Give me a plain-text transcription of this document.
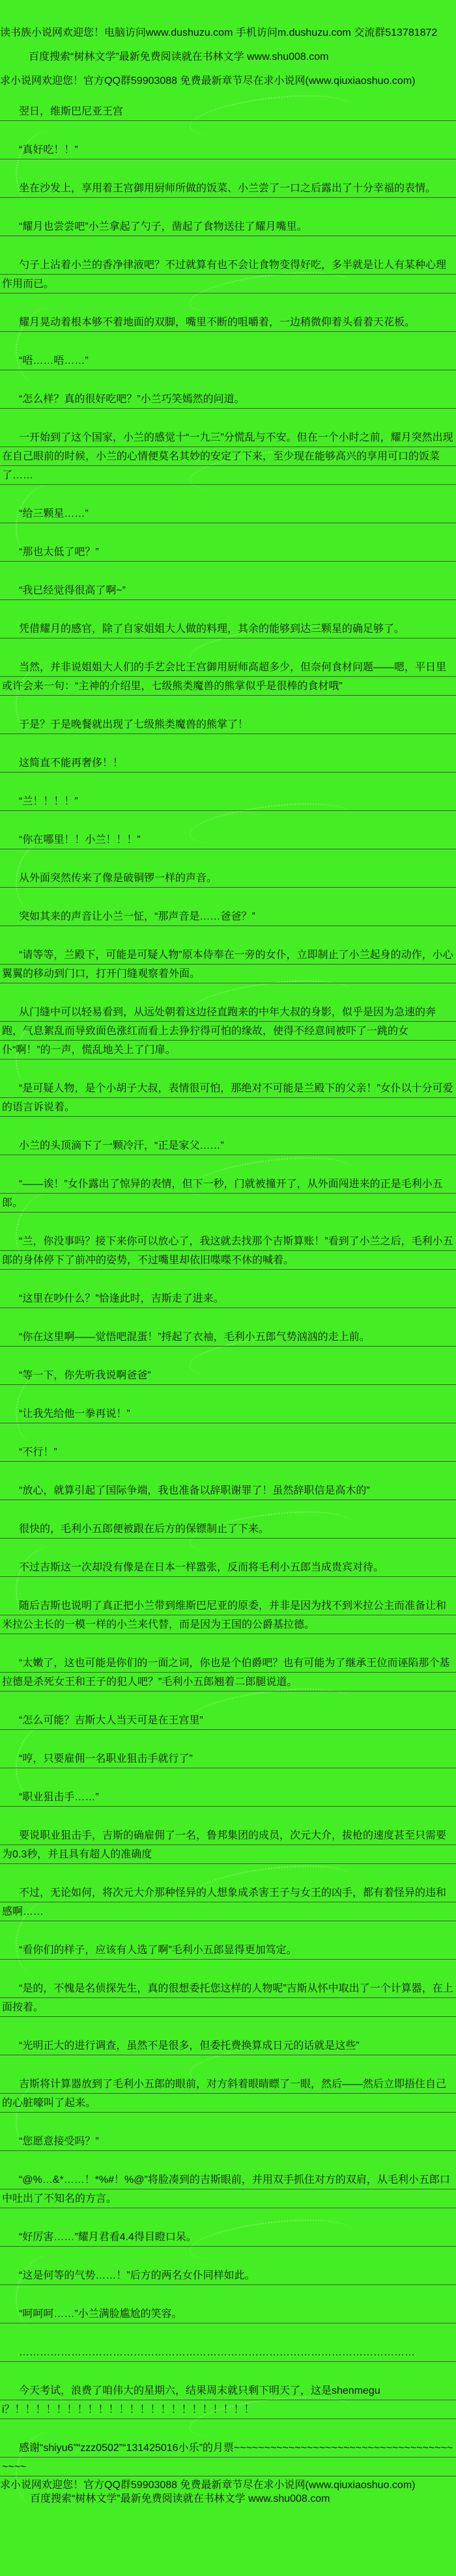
读书族小说网欢迎您！电脑访问www.dushuzu.com 手机访问m.dushuzu.com 交流群513781872

百度搜索“树林文学”最新免费阅读就在书林文学 www.shu008.com

求小说网欢迎您！官方QQ群59903088 免费最新章节尽在求小说网(www.qiuxiaoshuo.com)

翌日，维斯巴尼亚王宫

“真好吃！！”

坐在沙发上，享用着王宫御用厨师所做的饭菜、小兰尝了一口之后露出了十分幸福的表情。

“耀月也尝尝吧”小兰拿起了勺子，凿起了食物送往了耀月嘴里。

勺子上沾着小兰的香净律液吧？不过就算有也不会让食物变得好吃，多半就是让人有某种心理作用而已。

耀月晃动着根本够不着地面的双脚，嘴里不断的咀嚼着，一边稍微仰着头看着天花板。

“唔……唔……”

“怎么样？真的很好吃吧？”小兰巧笑嫣然的问道。

一开始到了这个国家，小兰的感觉十“一九三”分慌乱与不安。但在一个小时之前，耀月突然出现在自己眼前的时候，小兰的心情便莫名其妙的安定了下来，至少现在能够高兴的享用可口的饭菜了……

“给三颗星……”

“那也太低了吧？”

“我已经觉得很高了啊~”

凭借耀月的感官，除了自家姐姐大人做的料理，其余的能够到达三颗星的确足够了。

当然，并非说姐姐大人们的手艺会比王宫御用厨师高超多少，但奈何食材问题——嗯，平日里或许会来一句：“主神的介绍里，七级熊类魔兽的熊掌似乎是很棒的食材哦”

于是？于是晚餐就出现了七级熊类魔兽的熊掌了！

这简直不能再奢侈！！

“兰！！！！”

“你在哪里！！小兰！！！”

从外面突然传来了像是破铜锣一样的声音。

突如其来的声音让小兰一怔，“那声音是……爸爸？”

“请等等，兰殿下，可能是可疑人物”原本侍奉在一旁的女仆，立即制止了小兰起身的动作，小心翼翼的移动到门口，打开门缝观察着外面。

从门缝中可以轻易看到，从远处朝着这边径直跑来的中年大叔的身影，似乎是因为急速的奔跑，气息絮乱而导致面色涨红而看上去狰狞得可怕的缘故，使得不经意间被吓了一跳的女仆“啊！”的一声，慌乱地关上了门扉。

“是可疑人物，是个小胡子大叔，表情很可怕，那绝对不可能是兰殿下的父亲！”女仆以十分可爱的语言诉说着。

小兰的头顶滴下了一颗冷汗，“正是家父……”

“——诶！”女仆露出了惊异的表情，但下一秒，门就被撞开了，从外面闯进来的正是毛利小五郎。

“兰，你没事吗？接下来你可以放心了，我这就去找那个吉斯算账！”看到了小兰之后，毛利小五郎的身体停下了前冲的姿势，不过嘴里却依旧喋喋不休的喊着。

“这里在吵什么？”恰逢此时，吉斯走了进来。

“你在这里啊——觉悟吧混蛋！”捋起了衣袖，毛利小五郎气势汹汹的走上前。

“等一下，你先听我说啊爸爸”

“让我先给他一拳再说！”

“不行！”

“放心，就算引起了国际争端，我也准备以辞职谢罪了！虽然辞职信是高木的”

很快的，毛利小五郎便被跟在后方的保镖制止了下来。

不过吉斯这一次却没有像是在日本一样嚣张，反而将毛利小五郎当成贵宾对待。

随后吉斯也说明了真正把小兰带到维斯巴尼亚的原委，并非是因为找不到米拉公主而准备让和米拉公主长的一模一样的小兰来代替，而是因为王国的公爵基拉德。

“太嫩了，这也可能是你们的一面之词，你也是个伯爵吧？也有可能为了继承王位而诬陷那个基拉德是杀死女王和王子的犯人吧？”毛利小五郎翘着二郎腿说道。

“怎么可能？吉斯大人当天可是在王宫里”

“哼，只要雇佣一名职业狙击手就行了”

“职业狙击手……”

要说职业狙击手，吉斯的确雇佣了一名，鲁邦集团的成员，次元大介，拔枪的速度甚至只需要为0.3秒，并且具有超人的准确度

不过，无论如何，将次元大介那种怪异的人想象成杀害王子与女王的凶手，都有着怪异的违和感啊……

“看你们的样子，应该有人选了啊”毛利小五郎显得更加笃定。

“是的，不愧是名侦探先生，真的很想委托您这样的人物呢”吉斯从怀中取出了一个计算器，在上面按着。

“光明正大的进行调查，虽然不是很多，但委托费换算成日元的话就是这些”

吉斯将计算器放到了毛利小五郎的眼前，对方斜着眼睛瞟了一眼，然后——然后立即捂住自己的心脏嚎叫了起来。

“您愿意接受吗？”

“@%…&*……！*%#！%@”将脸凑到的吉斯眼前，并用双手抓住对方的双肩，从毛利小五郎口中吐出了不知名的方言。

“好厉害……”耀月君看4.4得目瞪口呆。

“这是何等的气势……！”后方的两名女仆同样如此。

“呵呵呵……”小兰满脸尴尬的笑容。

……………………………………………………………………………………………………

今天考试，浪费了咱伟大的星期六，结果周末就只剩下明天了，这是shenmegui？！！！！！！！！！！！！！！！！！！！！！！！

感谢“shiyu6”“zzz0502”“131425016小乐”的月票~~~~~~~~~~~~~~~~~~~~~~~~~~~~~~~~~~~~~~~~

求小说网欢迎您！官方QQ群59903088 免费最新章节尽在求小说网(www.qiuxiaoshuo.com)

百度搜索“树林文学”最新免费阅读就在书林文学 www.shu008.com
